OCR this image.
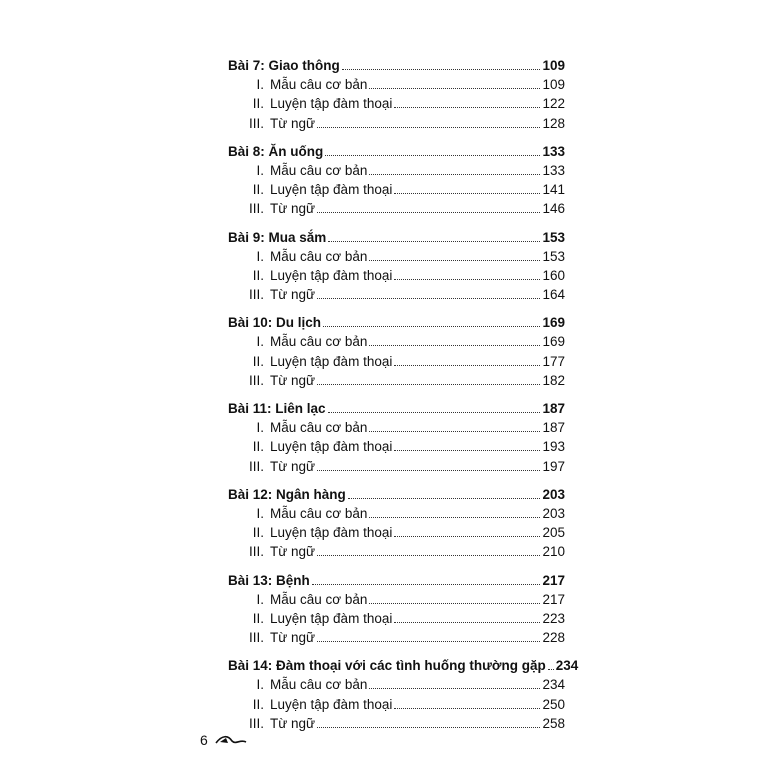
Bài 7: Giao thông	109
I. Mẫu câu cơ bản	109
II. Luyện tập đàm thoại	122
III. Từ ngữ	128
Bài 8: Ăn uống	133
I. Mẫu câu cơ bản	133
II. Luyện tập đàm thoại	141
III. Từ ngữ	146
Bài 9: Mua sắm	153
I. Mẫu câu cơ bản	153
II. Luyện tập đàm thoại	160
III. Từ ngữ	164
Bài 10: Du lịch	169
I. Mẫu câu cơ bản	169
II. Luyện tập đàm thoại	177
III. Từ ngữ	182
Bài 11: Liên lạc	187
I. Mẫu câu cơ bản	187
II. Luyện tập đàm thoại	193
III. Từ ngữ	197
Bài 12: Ngân hàng	203
I. Mẫu câu cơ bản	203
II. Luyện tập đàm thoại	205
III. Từ ngữ	210
Bài 13: Bệnh	217
I. Mẫu câu cơ bản	217
II. Luyện tập đàm thoại	223
III. Từ ngữ	228
Bài 14: Đàm thoại với các tình huống thường gặp 234
I. Mẫu câu cơ bản	234
II. Luyện tập đàm thoại	250
III. Từ ngữ	258
6
